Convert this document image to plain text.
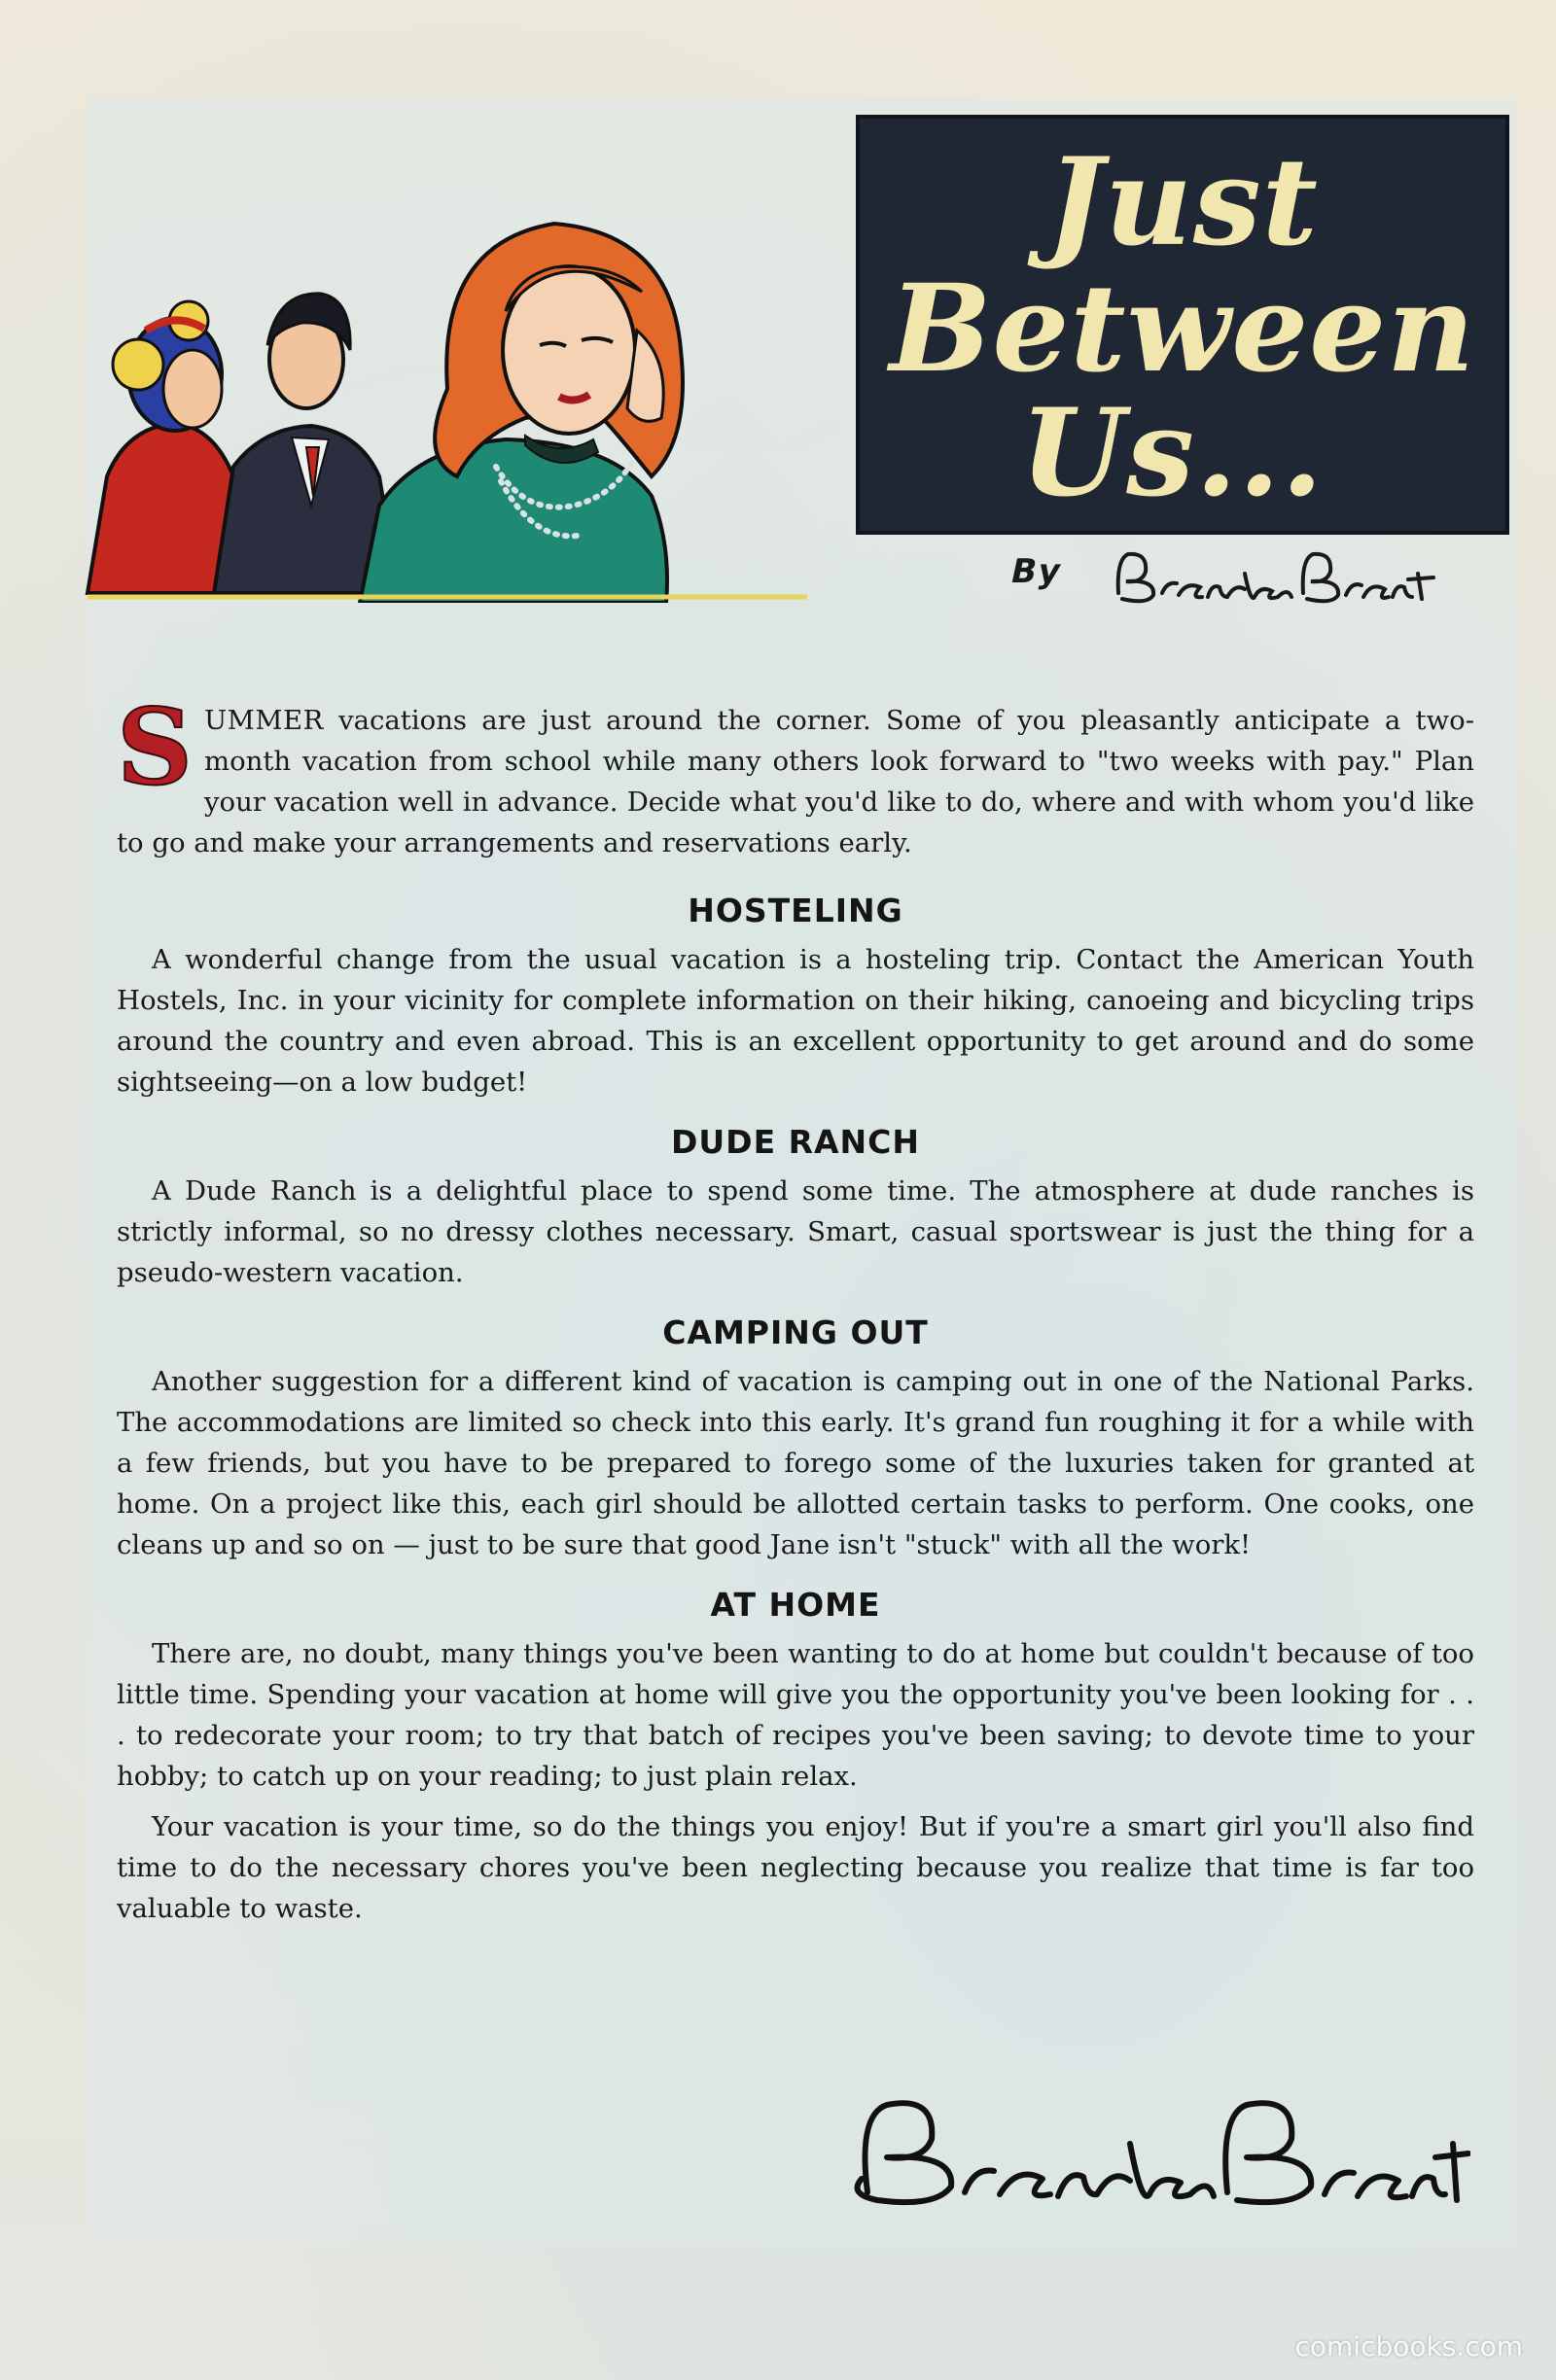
Just
Between
Us...
By

SUMMER vacations are just around the corner. Some of you pleasantly anticipate a two-month vacation from school while many others look forward to "two weeks with pay." Plan your vacation well in advance. Decide what you'd like to do, where and with whom you'd like to go and make your arrangements and reservations early.

HOSTELING

A wonderful change from the usual vacation is a hosteling trip. Contact the American Youth Hostels, Inc. in your vicinity for complete information on their hiking, canoeing and bicycling trips around the country and even abroad. This is an excellent opportunity to get around and do some sightseeing—on a low budget!

DUDE RANCH

A Dude Ranch is a delightful place to spend some time. The atmosphere at dude ranches is strictly informal, so no dressy clothes necessary. Smart, casual sportswear is just the thing for a pseudo-western vacation.

CAMPING OUT

Another suggestion for a different kind of vacation is camping out in one of the National Parks. The accommodations are limited so check into this early. It's grand fun roughing it for a while with a few friends, but you have to be prepared to forego some of the luxuries taken for granted at home. On a project like this, each girl should be allotted certain tasks to perform. One cooks, one cleans up and so on — just to be sure that good Jane isn't "stuck" with all the work!

AT HOME

There are, no doubt, many things you've been wanting to do at home but couldn't because of too little time. Spending your vacation at home will give you the opportunity you've been looking for . . . to redecorate your room; to try that batch of recipes you've been saving; to devote time to your hobby; to catch up on your reading; to just plain relax.

Your vacation is your time, so do the things you enjoy! But if you're a smart girl you'll also find time to do the necessary chores you've been neglecting because you realize that time is far too valuable to waste.

comicbooks.com
